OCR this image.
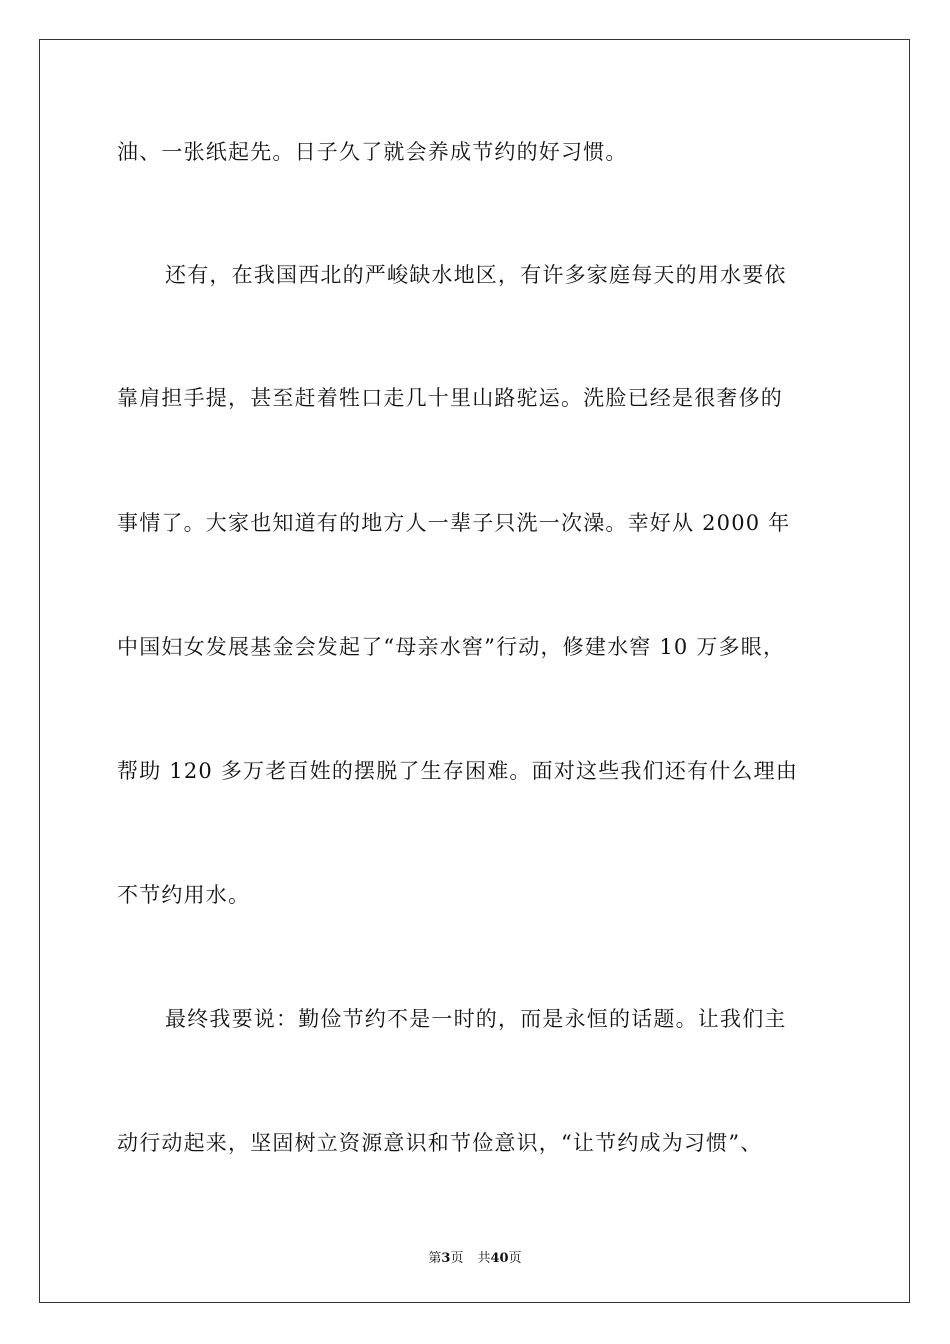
油、一张纸起先。日子久了就会养成节约的好习惯。
还有，在我国西北的严峻缺水地区，有许多家庭每天的用水要依
靠肩担手提，甚至赶着牲口走几十里山路驼运。洗脸已经是很奢侈的
事情了。大家也知道有的地方人一辈子只洗一次澡。幸好从 2000 年
中国妇女发展基金会发起了“母亲水窖”行动，修建水窖 10 万多眼，
帮助 120 多万老百姓的摆脱了生存困难。面对这些我们还有什么理由
不节约用水。
最终我要说：勤俭节约不是一时的，而是永恒的话题。让我们主
动行动起来，坚固树立资源意识和节俭意识，“让节约成为习惯”、
第3页 共40页
